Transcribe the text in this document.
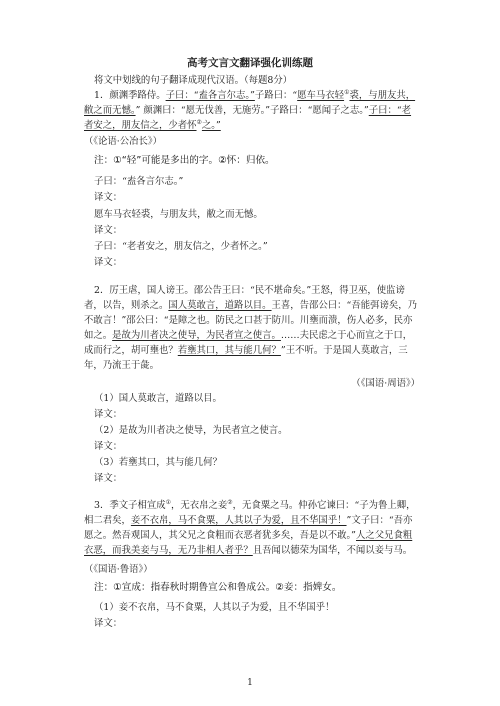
高考文言文翻译强化训练题
将文中划线的句子翻译成现代汉语。（每题8分）
1．颜渊季路侍。子曰：“盍各言尔志。”子路曰：“愿车马衣轻①裘，与朋友共，敝之而无憾。” 颜渊曰：“愿无伐善，无施劳。”子路曰：“愿闻子之志。”子曰：“老者安之，朋友信之，少者怀②之。”
（《论语·公冶长》）
注：①“轻”可能是多出的字。②怀：归依。
子曰：“盍各言尔志。”
译文：
愿车马衣轻裘，与朋友共，敝之而无憾。
译文：
子曰：“老者安之，朋友信之，少者怀之。”
译文：
2．厉王虐，国人谤王。邵公告王曰：“民不堪命矣。”王怒，得卫巫，使监谤者，以告，则杀之。国人莫敢言，道路以目。王喜，告邵公曰：“吾能弭谤矣，乃不敢言！”邵公曰：“是障之也。防民之口甚于防川。川壅而溃，伤人必多，民亦如之。是故为川者决之使导，为民者宣之使言。……夫民虑之于心而宣之于口，成而行之，胡可壅也？若壅其口，其与能几何？”王不听。于是国人莫敢言，三年，乃流王于彘。
（《国语·周语》）
（1）国人莫敢言，道路以目。
译文：
（2）是故为川者决之使导，为民者宣之使言。
译文：
（3）若壅其口，其与能几何？
译文：
3．季文子相宣成①，无衣帛之妾②，无食粟之马。仲孙它谏曰：“子为鲁上卿，相二君矣，妾不衣帛，马不食粟，人其以子为爱，且不华国乎！”文子曰：“吾亦愿之。然吾观国人，其父兄之食粗而衣恶者犹多矣，吾是以不敢。”人之父兄食粗衣恶，而我美妾与马，无乃非相人者乎？且吾闻以德荣为国华，不闻以妾与马。
（《国语·鲁语》）
注：①宣成：指春秋时期鲁宣公和鲁成公。②妾：指婢女。
（1）妾不衣帛，马不食粟，人其以子为爱，且不华国乎！
译文：
1
